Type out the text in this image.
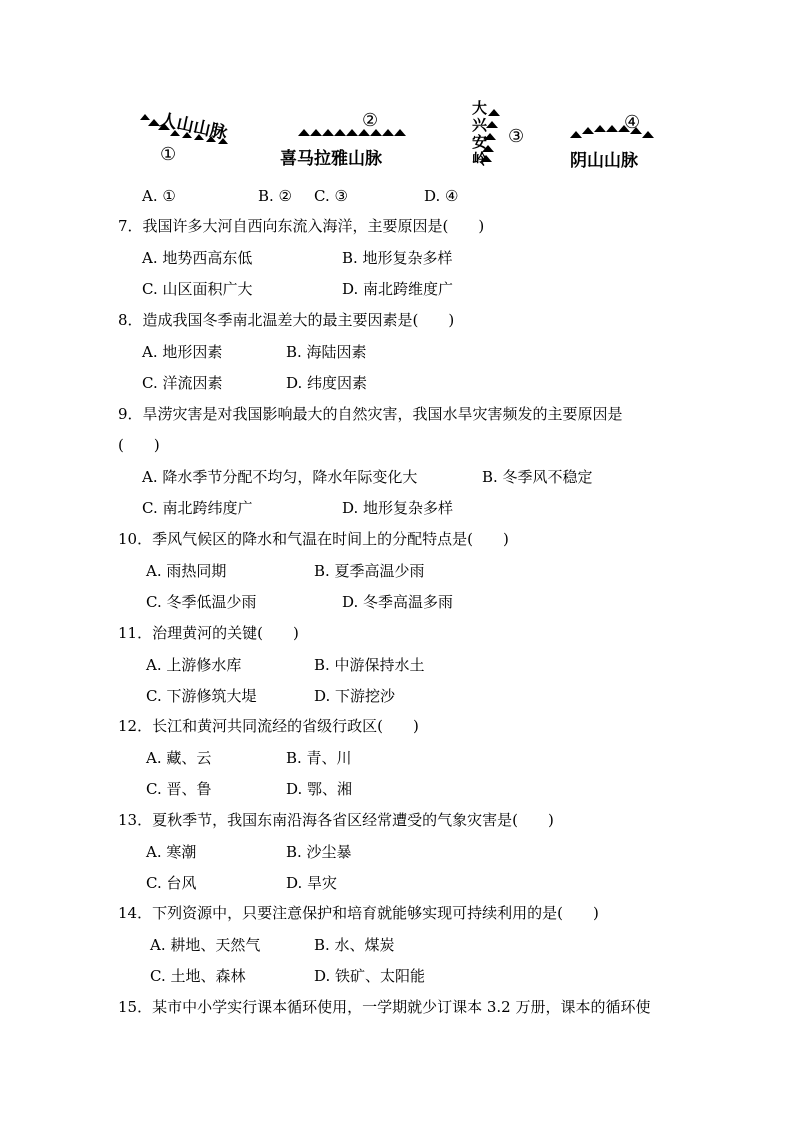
人山山脉
①	喜马拉雅山脉
②
大兴安岭
③
阴山山脉
④
A. ①	B. ② C. ③	D. ④
7．我国许多大河自西向东流入海洋，主要原因是(　　)
A. 地势西高东低	B. 地形复杂多样
C. 山区面积广大	D. 南北跨维度广
8．造成我国冬季南北温差大的最主要因素是(　　)
A. 地形因素	B. 海陆因素
C. 洋流因素	D. 纬度因素
9．旱涝灾害是对我国影响最大的自然灾害，我国水旱灾害频发的主要原因是
(　　)
A. 降水季节分配不均匀，降水年际变化大	B. 冬季风不稳定
C. 南北跨纬度广	D. 地形复杂多样
10．季风气候区的降水和气温在时间上的分配特点是(　　)
A. 雨热同期	B. 夏季高温少雨
C. 冬季低温少雨	D. 冬季高温多雨
11．治理黄河的关键(　　)
A. 上游修水库	B. 中游保持水土
C. 下游修筑大堤	D. 下游挖沙
12．长江和黄河共同流经的省级行政区(　　)
A. 藏、云	B. 青、川
C. 晋、鲁	D. 鄂、湘
13．夏秋季节，我国东南沿海各省区经常遭受的气象灾害是(　　)
A. 寒潮	B. 沙尘暴
C. 台风	D. 旱灾
14．下列资源中，只要注意保护和培育就能够实现可持续利用的是(　　)
A. 耕地、天然气	B. 水、煤炭
C. 土地、森林	D. 铁矿、太阳能
15．某市中小学实行课本循环使用，一学期就少订课本 3.2 万册，课本的循环使
